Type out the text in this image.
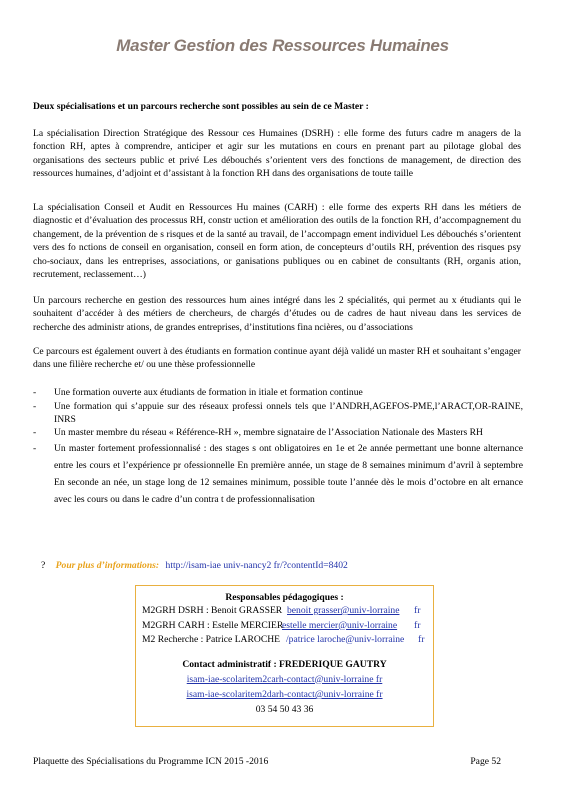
Master Gestion des Ressources Humaines
Deux spécialisations et un parcours recherche sont possibles au sein de ce Master :

La spécialisation Direction Stratégique des Ressour ces Humaines (DSRH) : elle forme des futurs cadre m anagers de la fonction RH, aptes à comprendre, anticiper et agir sur les mutations en cours en prenant part au pilotage global des organisations des secteurs public et privé Les débouchés s’orientent vers des fonctions de management, de direction des ressources humaines, d’adjoint et d’assistant à la fonction RH dans des organisations de toute taille

La spécialisation Conseil et Audit en Ressources Hu maines (CARH) : elle forme des experts RH dans les métiers de diagnostic et d’évaluation des processus RH, constr uction et amélioration des outils de la fonction RH, d’accompagnement du changement, de la prévention de s risques et de la santé au travail, de l’accompagn ement individuel Les débouchés s’orientent vers des fo nctions de conseil en organisation, conseil en form ation, de concepteurs d’outils RH, prévention des risques psy cho-sociaux, dans les entreprises, associations, or ganisations publiques ou en cabinet de consultants (RH, organis ation, recrutement, reclassement…)

Un parcours recherche en gestion des ressources hum aines intégré dans les 2 spécialités, qui permet au x étudiants qui le souhaitent d’accéder à des métiers de chercheurs, de chargés d’études ou de cadres de haut niveau dans les services de recherche des administr ations, de grandes entreprises, d’institutions fina ncières, ou d’associations

Ce parcours est également ouvert à des étudiants en formation continue ayant déjà validé un master RH et souhaitant s’engager dans une filière recherche et/ ou une thèse professionnelle

- Une formation ouverte aux étudiants de formation in itiale et formation continue
- Une formation qui s’appuie sur des réseaux professi onnels tels que l’ANDRH,AGEFOS-PME,l’ARACT,OR-RAINE, INRS
- Un master membre du réseau « Référence-RH », membre signataire de l’Association Nationale des Masters RH
- Un master fortement professionnalisé : des stages s ont obligatoires en 1e et 2e année permettant une bonne alternance entre les cours et l’expérience pr ofessionnelle En première année, un stage de 8 semaines minimum d’avril à septembre En seconde an née, un stage long de 12 semaines minimum, possible toute l’année dès le mois d’octobre en alt ernance avec les cours ou dans le cadre d’un contra t de professionnalisation
? Pour plus d’informations: http://isam-iae univ-nancy2 fr/?contentId=8402
Responsables pédagogiques :
M2GRH DSRH : Benoit GRASSER benoit grasser@univ-lorraine fr
M2GRH CARH : Estelle MERCIER
estelle mercier@univ-lorraine fr
M2 Recherche : Patrice LAROCHE /patrice laroche@univ-lorraine fr
Contact administratif : FREDERIQUE GAUTRY
isam-iae-scolaritem2carh-contact@univ-lorraine fr
isam-iae-scolaritem2darh-contact@univ-lorraine fr
03 54 50 43 36
Plaquette des Spécialisations du Programme ICN 2015 -2016	Page 52
